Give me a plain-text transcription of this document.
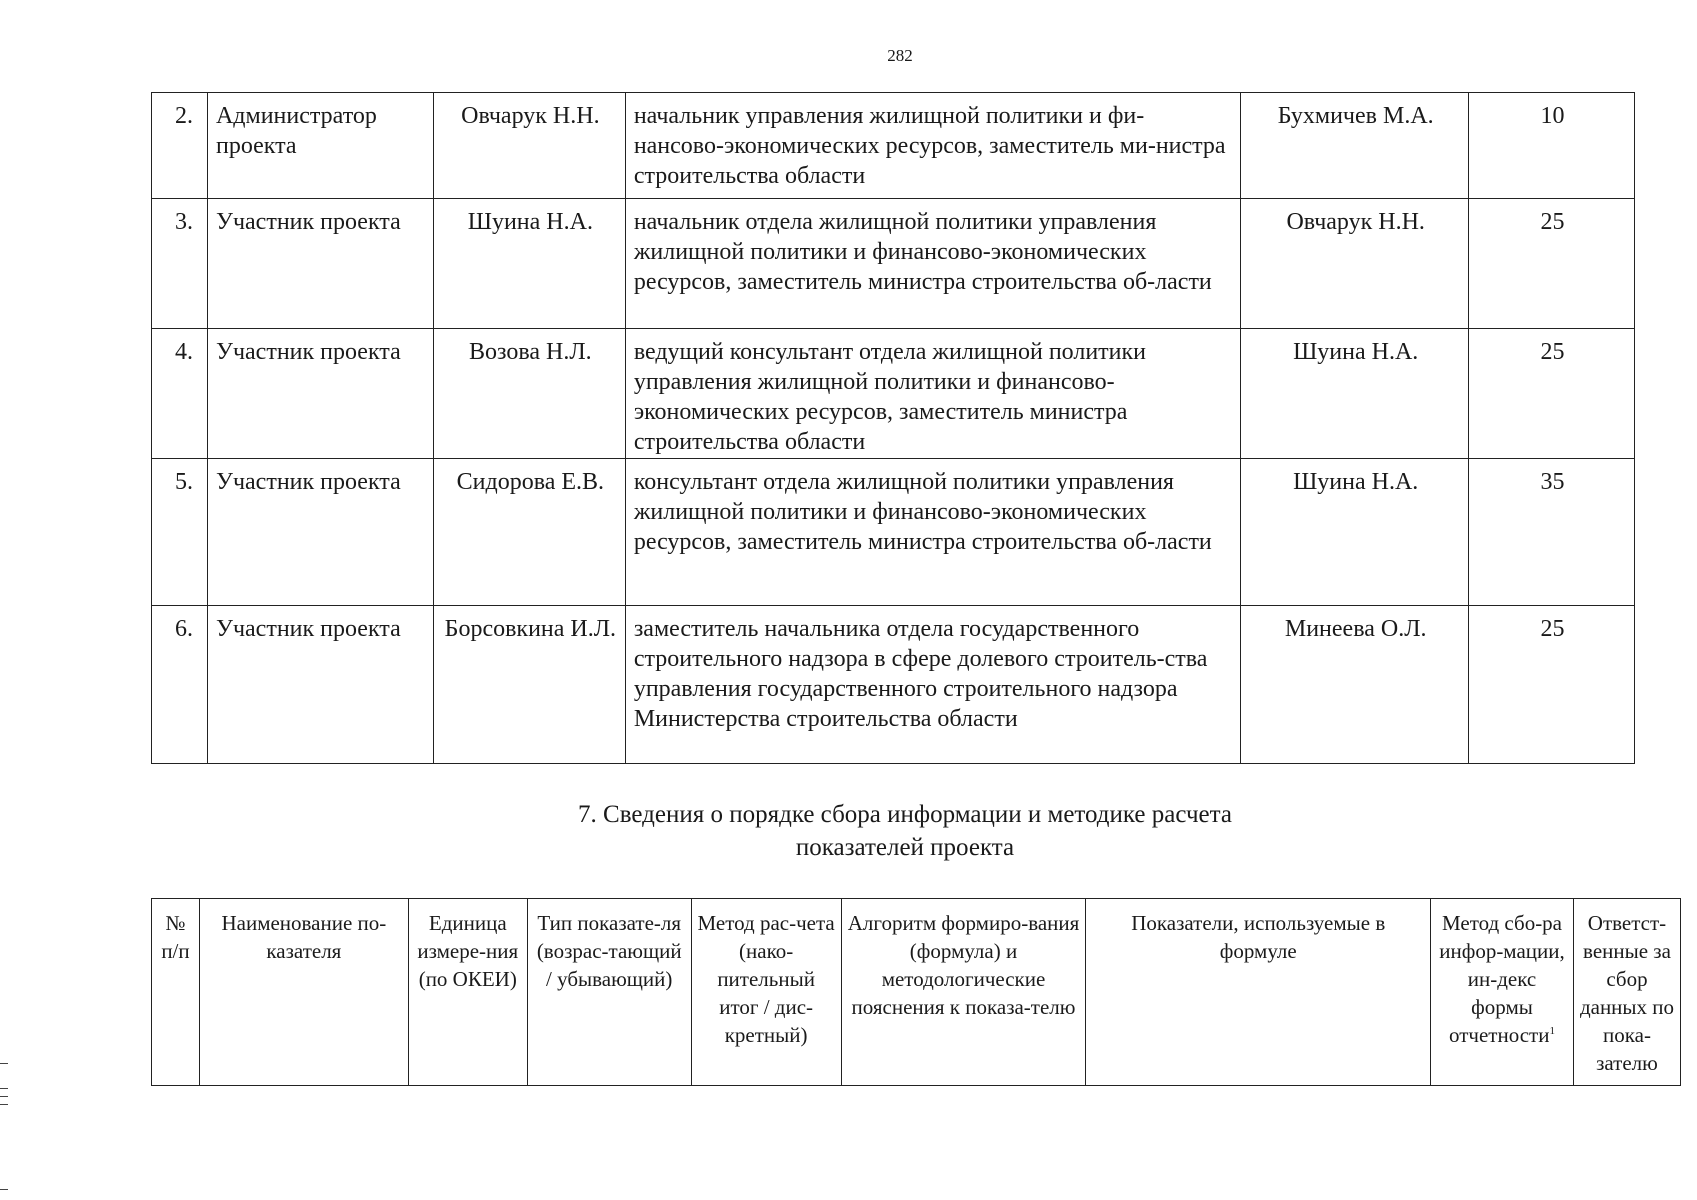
282
2.	Администратор проекта	Овчарук Н.Н.	начальник управления жилищной политики и фи-нансово-экономических ресурсов, заместитель ми-нистра строительства области	Бухмичев М.А.	10
3.	Участник проекта	Шуина Н.А.	начальник отдела жилищной политики управления жилищной политики и финансово-экономических ресурсов, заместитель министра строительства об-ласти	Овчарук Н.Н.	25
4.	Участник проекта	Возова Н.Л.	ведущий консультант отдела жилищной политики управления жилищной политики и финансово-экономических ресурсов, заместитель министра строительства области	Шуина Н.А.	25
5.	Участник проекта	Сидорова Е.В.	консультант отдела жилищной политики управления жилищной политики и финансово-экономических ресурсов, заместитель министра строительства об-ласти	Шуина Н.А.	35
6.	Участник проекта	Борсовкина И.Л.	заместитель начальника отдела государственного строительного надзора в сфере долевого строитель-ства управления государственного строительного надзора Министерства строительства области	Минеева О.Л.	25
7. Сведения о порядке сбора информации и методике расчета
показателей проекта
№ п/п	Наименование по-казателя	Единица измере-ния (по ОКЕИ)	Тип показате-ля (возрас-тающий / убывающий)	Метод рас-чета (нако-пительный итог / дис-кретный)	Алгоритм формиро-вания (формула) и методологические пояснения к показа-телю	Показатели, используемые в формуле	Метод сбо-ра инфор-мации, ин-декс формы отчетности$^1$	Ответст-венные за сбор данных по пока-зателю
